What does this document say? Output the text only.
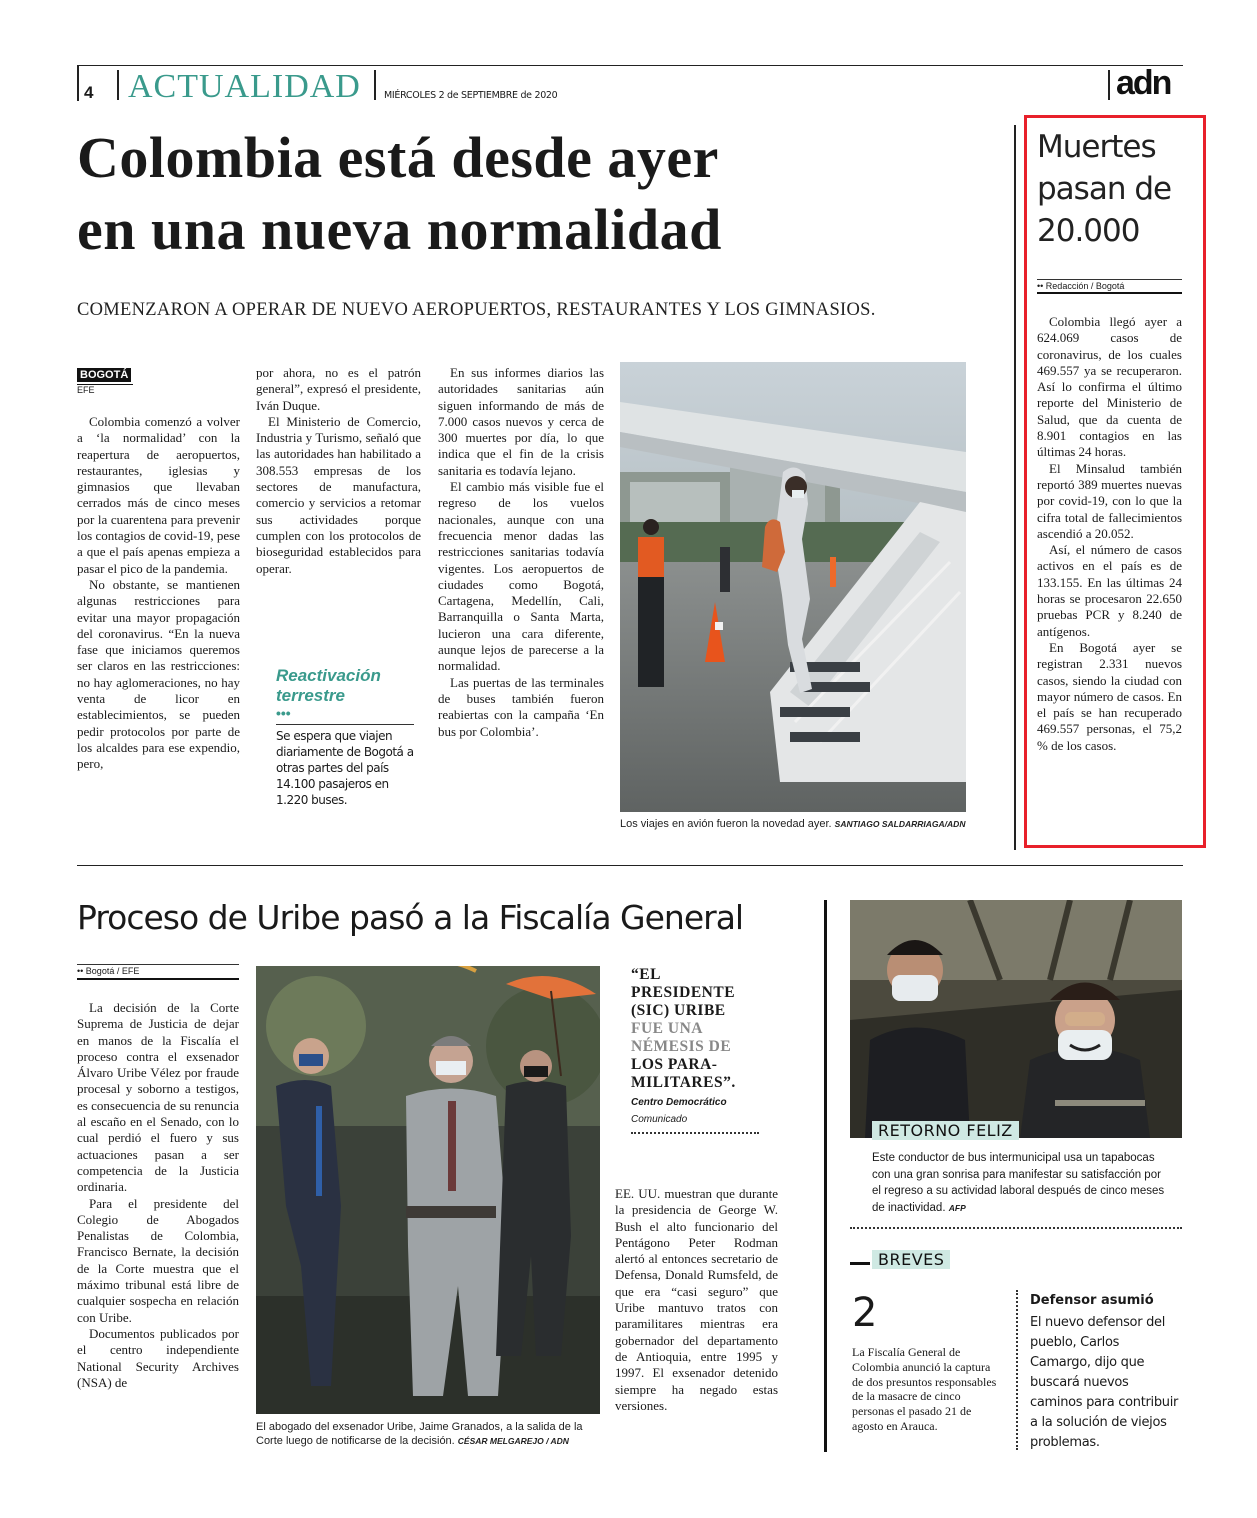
4 ACTUALIDAD MIÉRCOLES 2 de SEPTIEMBRE de 2020	adn
Colombia está desde ayer
en una nueva normalidad
COMENZARON A OPERAR DE NUEVO AEROPUERTOS, RESTAURANTES Y LOS GIMNASIOS.
BOGOTÁ
EFE

Colombia comenzó a volver a ‘la normalidad’ con la reapertura de aeropuertos, restaurantes, iglesias y gimnasios que llevaban cerrados más de cinco meses por la cuarentena para prevenir los contagios de covid-19, pese a que el país apenas empieza a pasar el pico de la pandemia.

No obstante, se mantienen algunas restricciones para evitar una mayor propagación del coronavirus. “En la nueva fase que iniciamos queremos ser claros en las restricciones: no hay aglomeraciones, no hay venta de licor en establecimientos, se pueden pedir protocolos por parte de los alcaldes para ese expendio, pero,

por ahora, no es el patrón general”, expresó el presidente, Iván Duque.

El Ministerio de Comercio, Industria y Turismo, señaló que las autoridades han habilitado a 308.553 empresas de los sectores de manufactura, comercio y servicios a retomar sus actividades porque cumplen con los protocolos de bioseguridad establecidos para operar.

Reactivación
terrestre
•••
Se espera que viajen diariamente de Bogotá a otras partes del país 14.100 pasajeros en 1.220 buses.

En sus informes diarios las autoridades sanitarias aún siguen informando de más de 7.000 casos nuevos y cerca de 300 muertes por día, lo que indica que el fin de la crisis sanitaria es todavía lejano.

El cambio más visible fue el regreso de los vuelos nacionales, aunque con una frecuencia menor dadas las restricciones sanitarias todavía vigentes. Los aeropuertos de ciudades como Bogotá, Cartagena, Medellín, Cali, Barranquilla o Santa Marta, lucieron una cara diferente, aunque lejos de parecerse a la normalidad.

Las puertas de las terminales de buses también fueron reabiertas con la campaña ‘En bus por Colombia’.

Los viajes en avión fueron la novedad ayer. SANTIAGO SALDARRIAGA/ADN
Muertes
pasan de
20.000
•• Redacción / Bogotá

Colombia llegó ayer a 624.069 casos de coronavirus, de los cuales 469.557 ya se recuperaron. Así lo confirma el último reporte del Ministerio de Salud, que da cuenta de 8.901 contagios en las últimas 24 horas.

El Minsalud también reportó 389 muertes nuevas por covid-19, con lo que la cifra total de fallecimientos ascendió a 20.052.

Así, el número de casos activos en el país es de 133.155. En las últimas 24 horas se procesaron 22.650 pruebas PCR y 8.240 de antígenos.

En Bogotá ayer se registran 2.331 nuevos casos, siendo la ciudad con mayor número de casos. En el país se han recuperado 469.557 personas, el 75,2 % de los casos.

Proceso de Uribe pasó a la Fiscalía General
•• Bogotá / EFE

La decisión de la Corte Suprema de Justicia de dejar en manos de la Fiscalía el proceso contra el exsenador Álvaro Uribe Vélez por fraude procesal y soborno a testigos, es consecuencia de su renuncia al escaño en el Senado, con lo cual perdió el fuero y sus actuaciones pasan a ser competencia de la Justicia ordinaria.

Para el presidente del Colegio de Abogados Penalistas de Colombia, Francisco Bernate, la decisión de la Corte muestra que el máximo tribunal está libre de cualquier sospecha en relación con Uribe.

Documentos publicados por el centro independiente National Security Archives (NSA) de

El abogado del exsenador Uribe, Jaime Granados, a la salida de la Corte luego de notificarse de la decisión. CÉSAR MELGAREJO / ADN
“EL
PRESIDENTE
(SIC) URIBE
FUE UNA
NÉMESIS DE
LOS PARA-
MILITARES”.
Centro Democrático
Comunicado

EE. UU. muestran que durante la presidencia de George W. Bush el alto funcionario del Pentágono Peter Rodman alertó al entonces secretario de Defensa, Donald Rumsfeld, de que era “casi seguro” que Uribe mantuvo tratos con paramilitares mientras era gobernador del departamento de Antioquia, entre 1995 y 1997. El exsenador detenido siempre ha negado estas versiones.

RETORNO FELIZ
Este conductor de bus intermunicipal usa un tapabocas con una gran sonrisa para manifestar su satisfacción por el regreso a su actividad laboral después de cinco meses de inactividad. AFP
BREVES
2
La Fiscalía General de Colombia anunció la captura de dos presuntos responsables de la masacre de cinco personas el pasado 21 de agosto en Arauca.
Defensor asumió
El nuevo defensor del pueblo, Carlos Camargo, dijo que buscará nuevos caminos para contribuir a la solución de viejos problemas.
